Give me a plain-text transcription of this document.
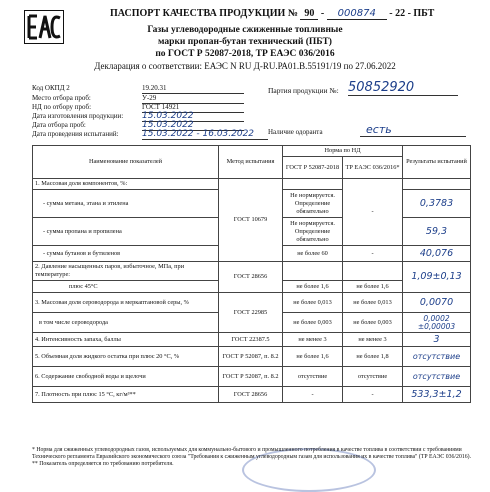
ПАСПОРТ КАЧЕСТВА ПРОДУКЦИИ № 90 - 000874 - 22 - ПБТ
Газы углеводородные сжиженные топливные
марки пропан-бутан технический (ПБТ)
по ГОСТ Р 52087-2018, ТР ЕАЭС 036/2016
Декларация о соответствии: ЕАЭС N RU Д-RU.РА01.В.55191/19 по 27.06.2022
Код ОКПД 2	19.20.31
Место отбора проб:	У-29
НД по отбору проб:	ГОСТ 14921
Дата изготовления продукции: 15.03.2022
Дата отбора проб:	15.03.2022
Дата проведения испытаний:	15.03.2022 - 16.03.2022
Партия продукции №: 50852920
Наличие одоранта	есть
Наименование показателей	Метод испытания	Норма по НД		Результаты испытаний
		ГОСТ Р 52087-2018	ТР ЕАЭС 036/2016*	
1. Массовая доля компонентов, %:	ГОСТ 10679		-	
- сумма метана, этана и этилена		Не нормируется. Определение обязательно		0,3783
- сумма пропана и пропилена		Не нормируется. Определение обязательно		59,3
- сумма бутанов и бутиленов		не более 60	-	40,076
2. Давление насыщенных паров, избыточное, МПа, при температуре:	ГОСТ 28656			1,09±0,13
плюс 45°С		не более 1,6	не более 1,6	
3. Массовая доля сероводорода и меркаптановой серы, %	ГОСТ 22985	не более 0,013	не более 0,013	0,0070
в том числе сероводорода		не более 0,003	не более 0,003	0,0002 ±0,00003
4. Интенсивность запаха, баллы	ГОСТ 22387.5	не менее 3	не менее 3	3
5. Объемная доля жидкого остатка при плюс 20 °С, %	ГОСТ Р 52087, п. 8.2	не более 1,6	не более 1,8	отсутствие
6. Содержание свободной воды и щелочи	ГОСТ Р 52087, п. 8.2	отсутствие	отсутствие	отсутствие
7. Плотность при плюс 15 °С, кг/м³**	ГОСТ 28656	-	-	533,3±1,2
* Норма для сжиженных углеводородных газов, используемых для коммунально-бытового и промышленного потребления в качестве топлива в соответствии с требованиями Технического регламента Евразийского экономического союза "Требования к сжиженным углеводородным газам для использования их в качестве топлива" (ТР ЕАЭС 036/2016).
** Показатель определяется по требованию потребителя.
